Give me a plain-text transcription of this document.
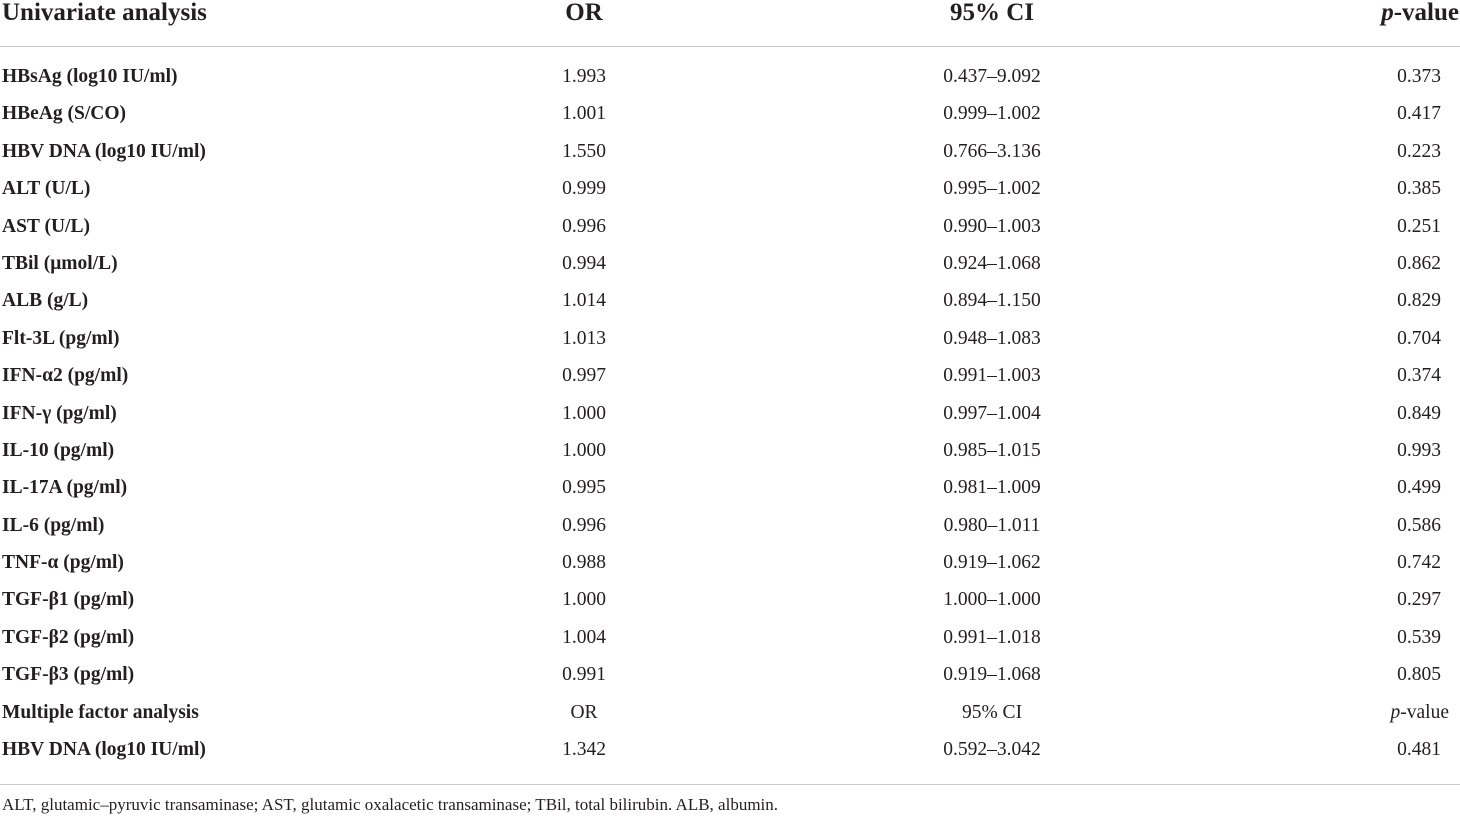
Univariate analysis	OR	95% CI	p-value
HBsAg (log10 IU/ml)	1.993	0.437–9.092	0.373
HBeAg (S/CO)	1.001	0.999–1.002	0.417
HBV DNA (log10 IU/ml)	1.550	0.766–3.136	0.223
ALT (U/L)	0.999	0.995–1.002	0.385
AST (U/L)	0.996	0.990–1.003	0.251
TBil (μmol/L)	0.994	0.924–1.068	0.862
ALB (g/L)	1.014	0.894–1.150	0.829
Flt-3L (pg/ml)	1.013	0.948–1.083	0.704
IFN-α2 (pg/ml)	0.997	0.991–1.003	0.374
IFN-γ (pg/ml)	1.000	0.997–1.004	0.849
IL-10 (pg/ml)	1.000	0.985–1.015	0.993
IL-17A (pg/ml)	0.995	0.981–1.009	0.499
IL-6 (pg/ml)	0.996	0.980–1.011	0.586
TNF-α (pg/ml)	0.988	0.919–1.062	0.742
TGF-β1 (pg/ml)	1.000	1.000–1.000	0.297
TGF-β2 (pg/ml)	1.004	0.991–1.018	0.539
TGF-β3 (pg/ml)	0.991	0.919–1.068	0.805
Multiple factor analysis	OR	95% CI	p-value
HBV DNA (log10 IU/ml)	1.342	0.592–3.042	0.481
ALT, glutamic–pyruvic transaminase; AST, glutamic oxalacetic transaminase; TBil, total bilirubin. ALB, albumin.
